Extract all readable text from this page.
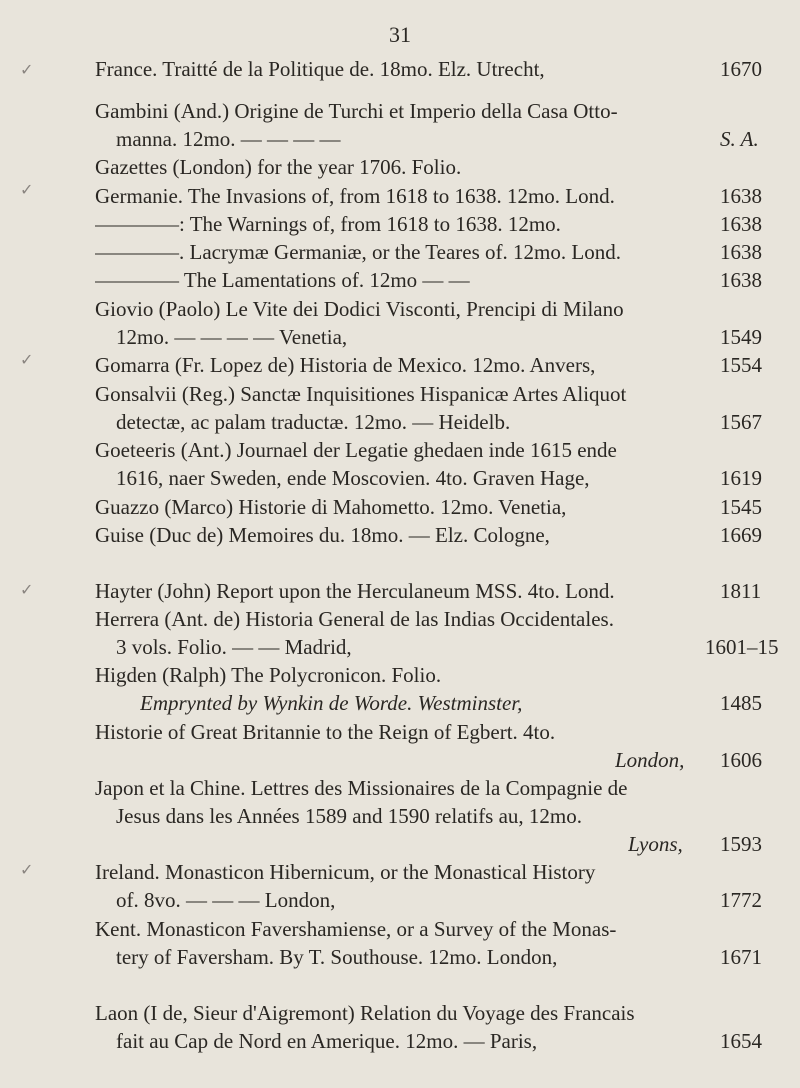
31
France. Traitté de la Politique de. 18mo. Elz. Utrecht,	1670
Gambini (And.) Origine de Turchi et Imperio della Casa Otto-
manna. 12mo. — — — —	S. A.
Gazettes (London) for the year 1706. Folio.
Germanie. The Invasions of, from 1618 to 1638. 12mo. Lond.	1638
————: The Warnings of, from 1618 to 1638. 12mo.	1638
————. Lacrymæ Germaniæ, or the Teares of. 12mo. Lond.	1638
———— The Lamentations of. 12mo — —	1638
Giovio (Paolo) Le Vite dei Dodici Visconti, Prencipi di Milano
12mo. — — — — Venetia,	1549
Gomarra (Fr. Lopez de) Historia de Mexico. 12mo. Anvers,	1554
Gonsalvii (Reg.) Sanctæ Inquisitiones Hispanicæ Artes Aliquot
detectæ, ac palam traductæ. 12mo. — Heidelb.	1567
Goeteeris (Ant.) Journael der Legatie ghedaen inde 1615 ende
1616, naer Sweden, ende Moscovien. 4to. Graven Hage,	1619
Guazzo (Marco) Historie di Mahometto. 12mo. Venetia,	1545
Guise (Duc de) Memoires du. 18mo. — Elz. Cologne,	1669
Hayter (John) Report upon the Herculaneum MSS. 4to. Lond.	1811
Herrera (Ant. de) Historia General de las Indias Occidentales.
3 vols. Folio. — — Madrid,	1601–15
Higden (Ralph) The Polycronicon. Folio.
Emprynted by Wynkin de Worde. Westminster,	1485
Historie of Great Britannie to the Reign of Egbert. 4to.
London,	1606
Japon et la Chine. Lettres des Missionaires de la Compagnie de
Jesus dans les Années 1589 and 1590 relatifs au, 12mo.
Lyons,	1593
Ireland. Monasticon Hibernicum, or the Monastical History
of. 8vo. — — — London,	1772
Kent. Monasticon Favershamiense, or a Survey of the Monas-
tery of Faversham. By T. Southouse. 12mo. London,	1671
Laon (I de, Sieur d'Aigremont) Relation du Voyage des Francais
fait au Cap de Nord en Amerique. 12mo. — Paris,	1654
✓
✓
✓
✓
✓
